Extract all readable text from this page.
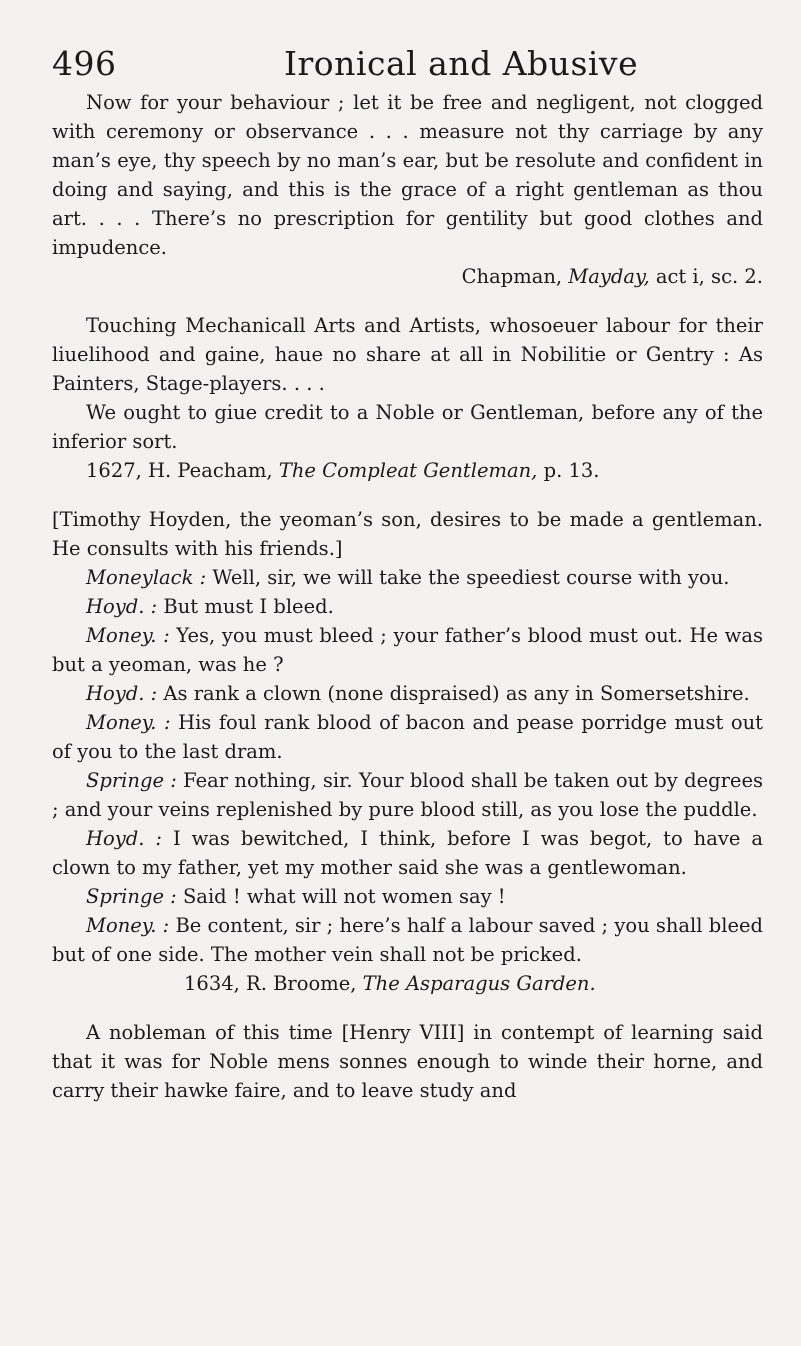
496	Ironical and Abusive

Now for your behaviour ; let it be free and negligent, not clogged with ceremony or observance . . . measure not thy carriage by any man’s eye, thy speech by no man’s ear, but be resolute and confident in doing and saying, and this is the grace of a right gentleman as thou art. . . . There’s no prescription for gentility but good clothes and impudence.

Chapman, Mayday, act i, sc. 2.

Touching Mechanicall Arts and Artists, whosoeuer labour for their liuelihood and gaine, haue no share at all in Nobilitie or Gentry : As Painters, Stage-players. . . .

We ought to giue credit to a Noble or Gentleman, before any of the inferior sort.

1627, H. Peacham, The Compleat Gentleman, p. 13.

[Timothy Hoyden, the yeoman’s son, desires to be made a gentleman. He consults with his friends.]

Moneylack : Well, sir, we will take the speediest course with you.

Hoyd. : But must I bleed.

Money. : Yes, you must bleed ; your father’s blood must out. He was but a yeoman, was he ?

Hoyd. : As rank a clown (none dispraised) as any in Somersetshire.

Money. : His foul rank blood of bacon and pease porridge must out of you to the last dram.

Springe : Fear nothing, sir. Your blood shall be taken out by degrees ; and your veins replenished by pure blood still, as you lose the puddle.

Hoyd. : I was bewitched, I think, before I was begot, to have a clown to my father, yet my mother said she was a gentlewoman.

Springe : Said ! what will not women say !

Money. : Be content, sir ; here’s half a labour saved ; you shall bleed but of one side. The mother vein shall not be pricked.

1634, R. Broome, The Asparagus Garden.

A nobleman of this time [Henry VIII] in contempt of learning said that it was for Noble mens sonnes enough to winde their horne, and carry their hawke faire, and to leave study and
